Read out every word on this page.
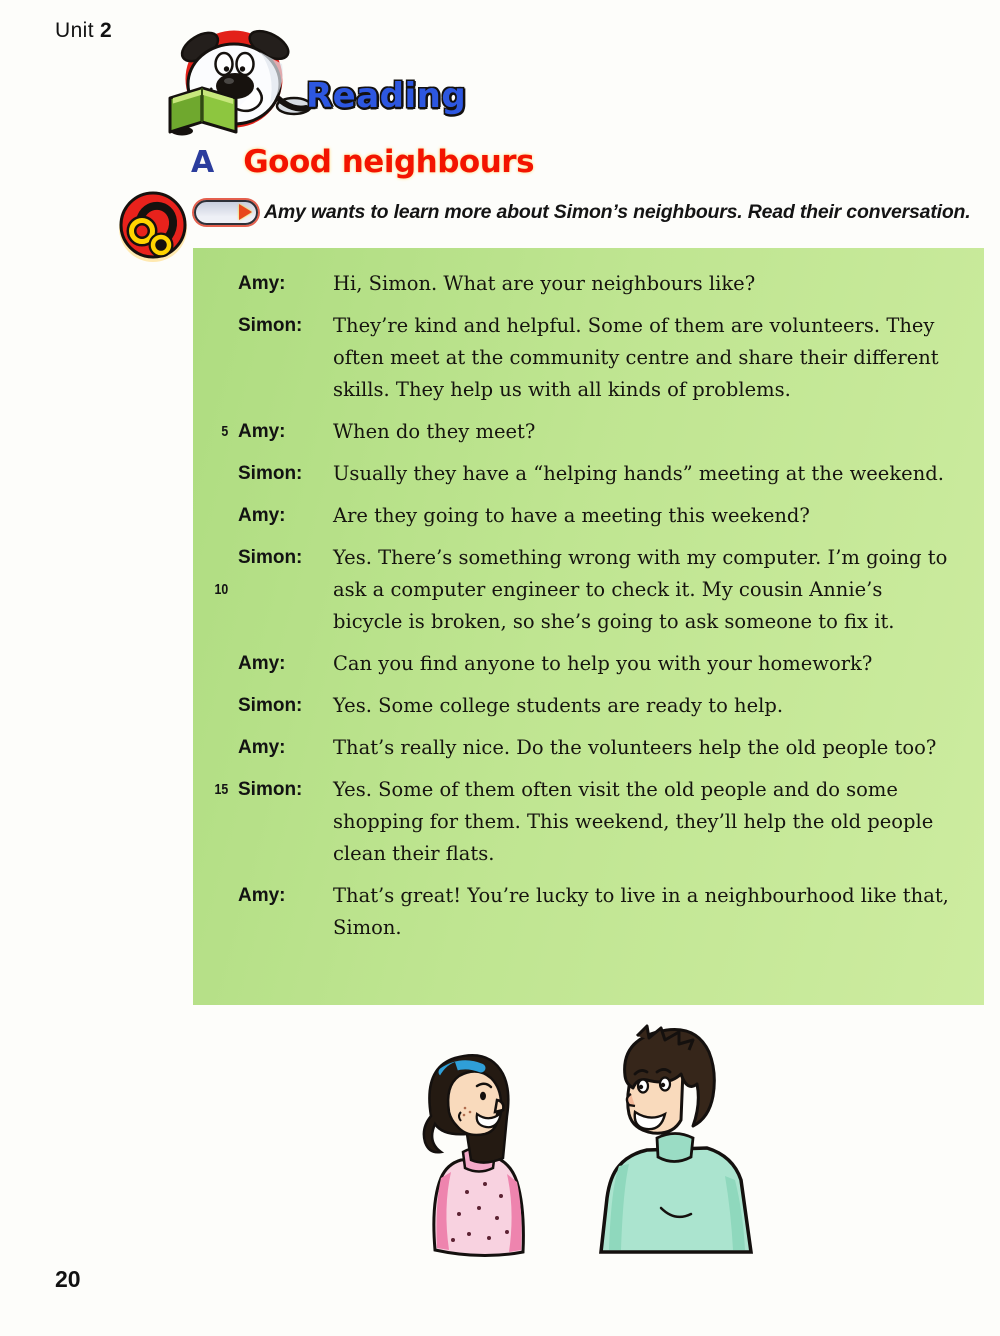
Unit 2
Reading
A Good neighbours
Amy wants to learn more about Simon’s neighbours. Read their conversation.
Amy:	Hi, Simon. What are your neighbours like?
Simon:	They’re kind and helpful. Some of them are volunteers. They often meet at the community centre and share their different skills. They help us with all kinds of problems.
5 Amy:	When do they meet?
Simon:	Usually they have a “helping hands” meeting at the weekend.
Amy:	Are they going to have a meeting this weekend?
10
Simon:	Yes. There’s something wrong with my computer. I’m going to ask a computer engineer to check it. My cousin Annie’s bicycle is broken, so she’s going to ask someone to fix it.
Amy:	Can you find anyone to help you with your homework?
Simon:	Yes. Some college students are ready to help.
Amy:	That’s really nice. Do the volunteers help the old people too?
15 Simon:	Yes. Some of them often visit the old people and do some shopping for them. This weekend, they’ll help the old people clean their flats.
Amy:	That’s great! You’re lucky to live in a neighbourhood like that, Simon.
20
